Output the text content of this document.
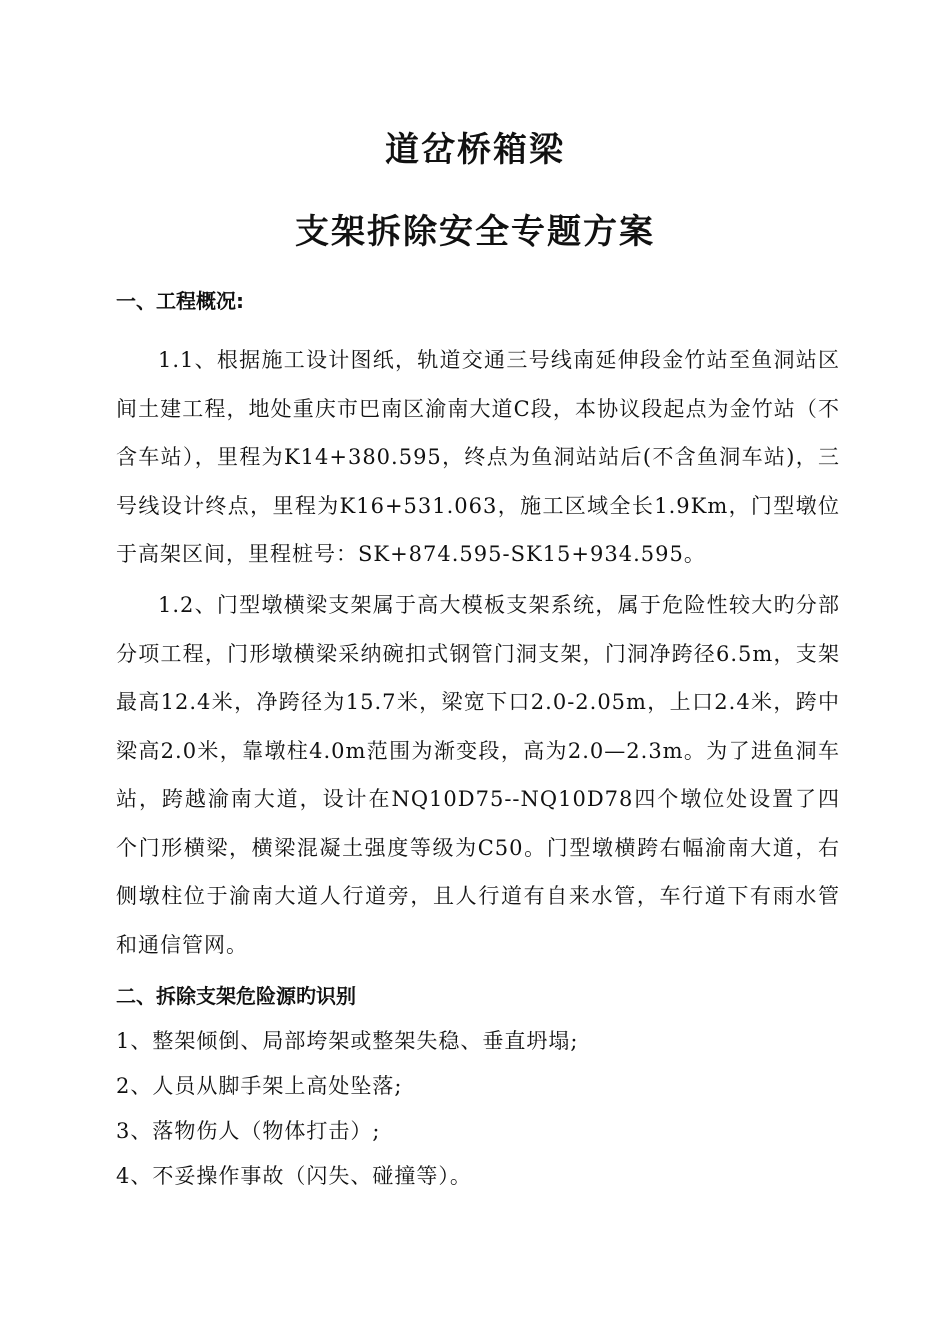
道岔桥箱梁
支架拆除安全专题方案
一、工程概况:
1.1、根据施工设计图纸，轨道交通三号线南延伸段金竹站至鱼洞站区间土建工程，地处重庆市巴南区渝南大道C段，本协议段起点为金竹站（不含车站），里程为K14+380.595，终点为鱼洞站站后(不含鱼洞车站)，三号线设计终点，里程为K16+531.063，施工区域全长1.9Km，门型墩位于高架区间，里程桩号：SK+874.595-SK15+934.595。
1.2、门型墩横梁支架属于高大模板支架系统，属于危险性较大旳分部分项工程，门形墩横梁采纳碗扣式钢管门洞支架，门洞净跨径6.5m，支架最高12.4米，净跨径为15.7米，梁宽下口2.0-2.05m，上口2.4米，跨中梁高2.0米，靠墩柱4.0m范围为渐变段，高为2.0—2.3m。为了进鱼洞车站，跨越渝南大道，设计在NQ10D75--NQ10D78四个墩位处设置了四个门形横梁，横梁混凝土强度等级为C50。门型墩横跨右幅渝南大道，右侧墩柱位于渝南大道人行道旁，且人行道有自来水管，车行道下有雨水管和通信管网。
二、拆除支架危险源旳识别
1、整架倾倒、局部垮架或整架失稳、垂直坍塌;
2、人员从脚手架上高处坠落;
3、落物伤人（物体打击）;
4、不妥操作事故（闪失、碰撞等）。
